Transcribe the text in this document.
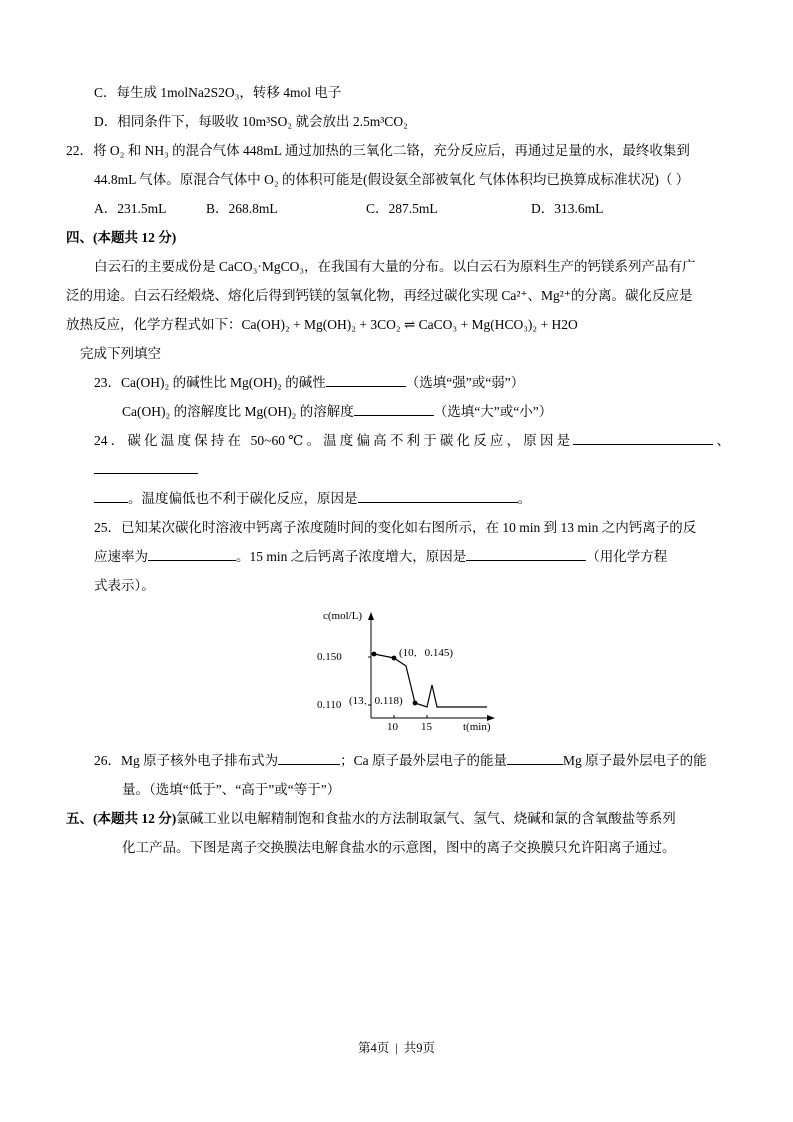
C．每生成 1molNa2S2O₃，转移 4mol 电子

D．相同条件下，每吸收 10m³SO₂ 就会放出 2.5m³CO₂

22．将 O₂ 和 NH₃ 的混合气体 448mL 通过加热的三氧化二铬，充分反应后，再通过足量的水，最终收集到

44.8mL 气体。原混合气体中 O₂ 的体积可能是(假设氨全部被氧化 气体体积均已换算成标准状况)（ ）

A．231.5mL	B．268.8mL	C．287.5mL	D．313.6mL

四、(本题共 12 分)

白云石的主要成份是 CaCO₃·MgCO₃，在我国有大量的分布。以白云石为原料生产的钙镁系列产品有广

泛的用途。白云石经煅烧、熔化后得到钙镁的氢氧化物，再经过碳化实现 Ca²⁺、Mg²⁺的分离。碳化反应是

放热反应，化学方程式如下：Ca(OH)₂ + Mg(OH)₂ + 3CO₂ ⇌ CaCO₃ + Mg(HCO₃)₂ + H2O

完成下列填空

23．Ca(OH)₂ 的碱性比 Mg(OH)₂ 的碱性	（选填“强”或“弱”）

Ca(OH)₂ 的溶解度比 Mg(OH)₂ 的溶解度	（选填“大”或“小”）

24．碳化温度保持在 50~60℃。温度偏高不利于碳化反应，原因是	、

。温度偏低也不利于碳化反应，原因是	。

25．已知某次碳化时溶液中钙离子浓度随时间的变化如右图所示，在 10 min 到 13 min 之内钙离子的反

应速率为	。15 min 之后钙离子浓度增大，原因是	（用化学方程

式表示）。

c(mol/L)
0.150
0.110
10 15	t(min)
(10．0.145)
(13．0.118)

26．Mg 原子核外电子排布式为	；Ca 原子最外层电子的能量	Mg 原子最外层电子的能

量。（选填“低于”、“高于”或“等于”）

五、(本题共 12 分)氯碱工业以电解精制饱和食盐水的方法制取氯气、氢气、烧碱和氯的含氧酸盐等系列

化工产品。下图是离子交换膜法电解食盐水的示意图，图中的离子交换膜只允许阳离子通过。

第4页 | 共9页
